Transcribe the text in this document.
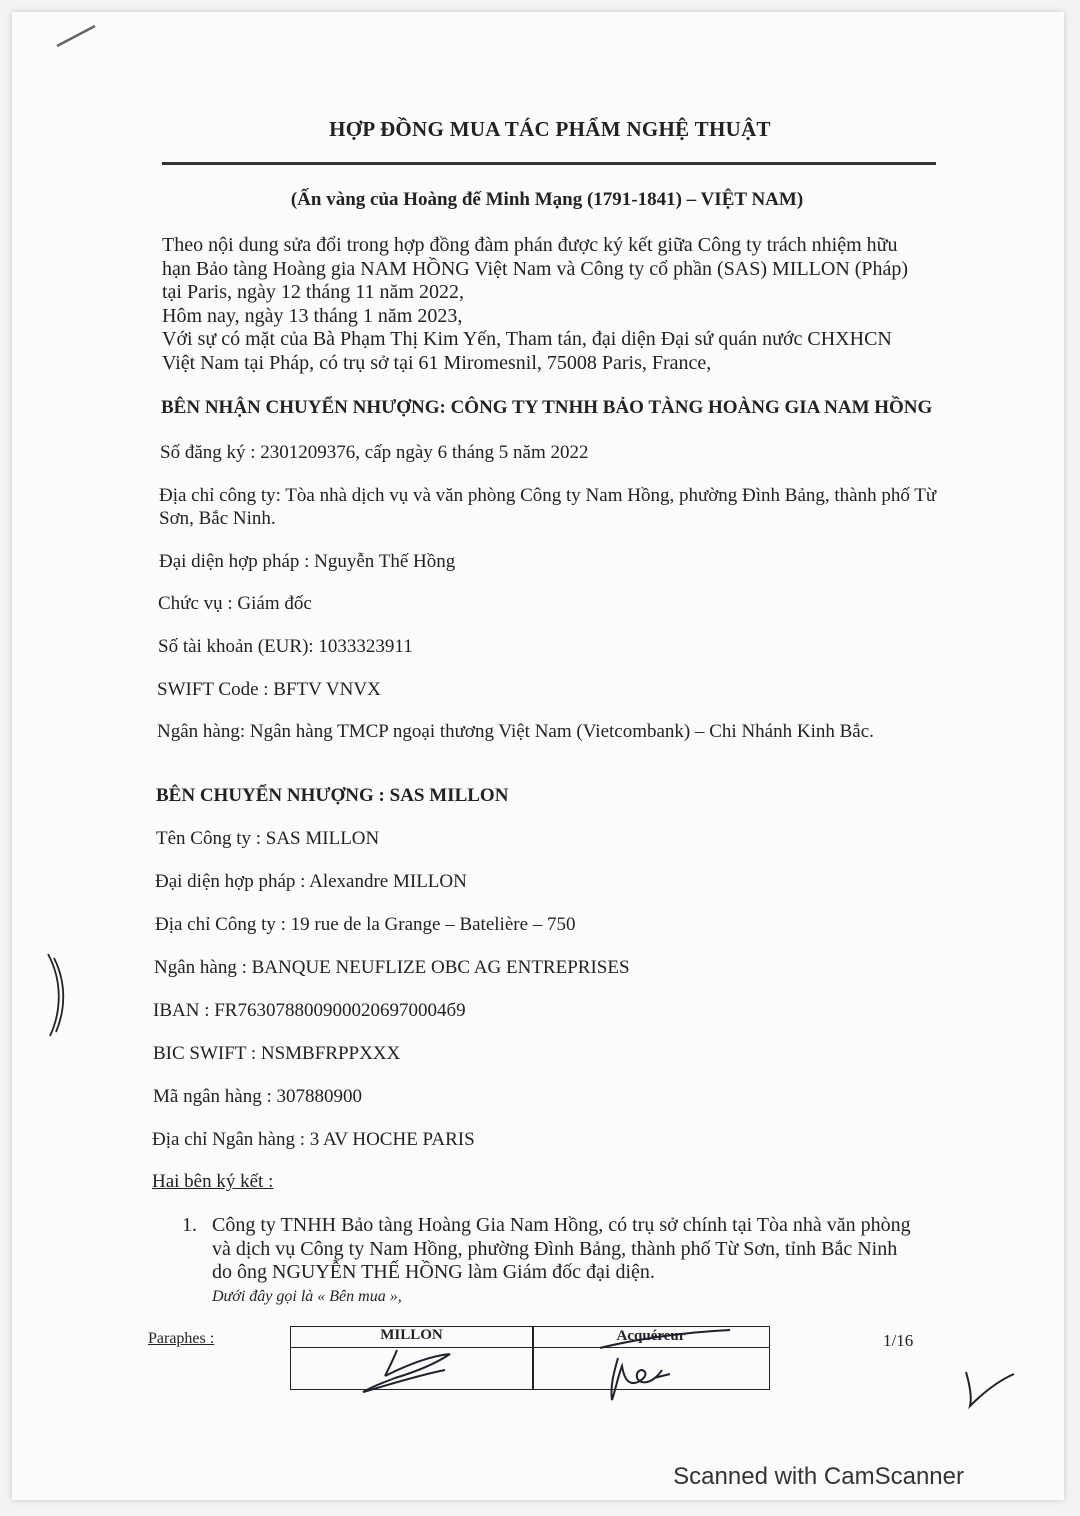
HỢP ĐỒNG MUA TÁC PHẨM NGHỆ THUẬT
(Ấn vàng của Hoàng đế Minh Mạng (1791-1841) – VIỆT NAM)
Theo nội dung sửa đổi trong hợp đồng đàm phán được ký kết giữa Công ty trách nhiệm hữu
hạn Bảo tàng Hoàng gia NAM HỒNG Việt Nam và Công ty cổ phần (SAS) MILLON (Pháp)
tại Paris, ngày 12 tháng 11 năm 2022,
Hôm nay, ngày 13 tháng 1 năm 2023,
Với sự có mặt của Bà Phạm Thị Kim Yến, Tham tán, đại diện Đại sứ quán nước CHXHCN
Việt Nam tại Pháp, có trụ sở tại 61 Miromesnil, 75008 Paris, France,
BÊN NHẬN CHUYỂN NHƯỢNG: CÔNG TY TNHH BẢO TÀNG HOÀNG GIA NAM HỒNG
Số đăng ký : 2301209376, cấp ngày 6 tháng 5 năm 2022
Địa chỉ công ty: Tòa nhà dịch vụ và văn phòng Công ty Nam Hồng, phường Đình Bảng, thành phố Từ
Sơn, Bắc Ninh.
Đại diện hợp pháp : Nguyễn Thế Hồng
Chức vụ : Giám đốc
Số tài khoản (EUR): 1033323911
SWIFT Code : BFTV VNVX
Ngân hàng: Ngân hàng TMCP ngoại thương Việt Nam (Vietcombank) – Chi Nhánh Kinh Bắc.
BÊN CHUYỂN NHƯỢNG : SAS MILLON
Tên Công ty : SAS MILLON
Đại diện hợp pháp : Alexandre MILLON
Địa chỉ Công ty : 19 rue de la Grange – Batelière – 750
Ngân hàng : BANQUE NEUFLIZE OBC AG ENTREPRISES
IBAN : FR7630788009000206970004б9
BIC SWIFT : NSMBFRPPXXX
Mã ngân hàng : 307880900
Địa chỉ Ngân hàng : 3 AV HOCHE PARIS
Hai bên ký kết :
1. Công ty TNHH Bảo tàng Hoàng Gia Nam Hồng, có trụ sở chính tại Tòa nhà văn phòng
và dịch vụ Công ty Nam Hồng, phường Đình Bảng, thành phố Từ Sơn, tỉnh Bắc Ninh
do ông NGUYỄN THẾ HỒNG làm Giám đốc đại diện.
Dưới đây gọi là « Bên mua »,
Paraphes :	MILLON	Acquéreur	1/16
Scanned with CamScanner
